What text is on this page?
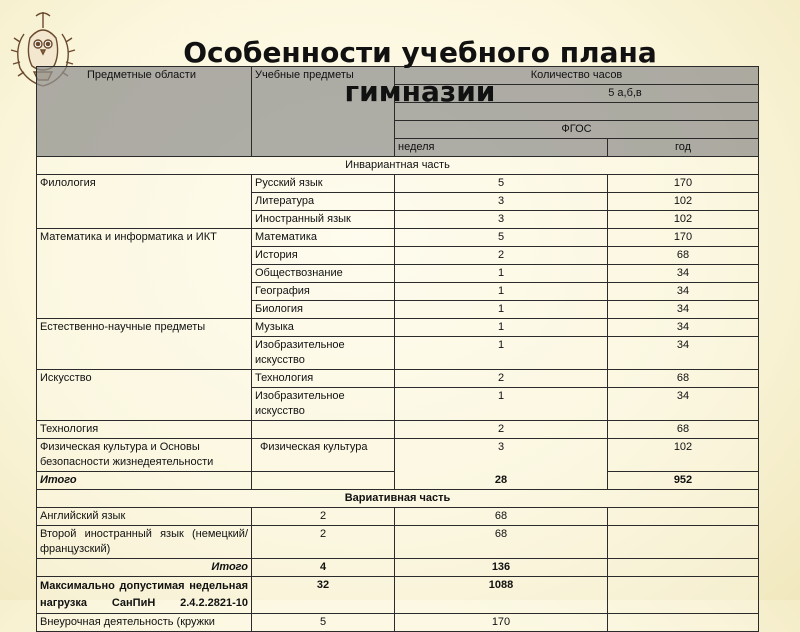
Особенности учебного плана
гимназии
Предметные области	Учебные предметы	Количество часов	
		5 а,б,в	

		ФГОС	
		неделя	год
Инвариантная часть			
Филология	Русский язык	5	170
	Литература	3	102
	Иностранный язык	3	102
Математика и информатика и ИКТ	Математика	5	170
	История	2	68
	Обществознание	1	34
	География	1	34
	Биология	1	34
Естественно-научные предметы	Музыка	1	34
	Изобразительное искусство	1	34
Искусство	Технология	2	68
	Изобразительное искусство	1	34
Технология		2	68
Физическая культура и Основы безопасности жизнедеятельности	Физическая культура	3	102
Итого		28	952
Вариативная часть			
Английский язык	2	68	
Второй иностранный язык (немецкий/французский)	2	68	
Итого	4	136	
Максимально допустимая недельная нагрузка СанПиН 2.4.2.2821-10	32	1088	
Внеурочная деятельность (кружки	5	170	
